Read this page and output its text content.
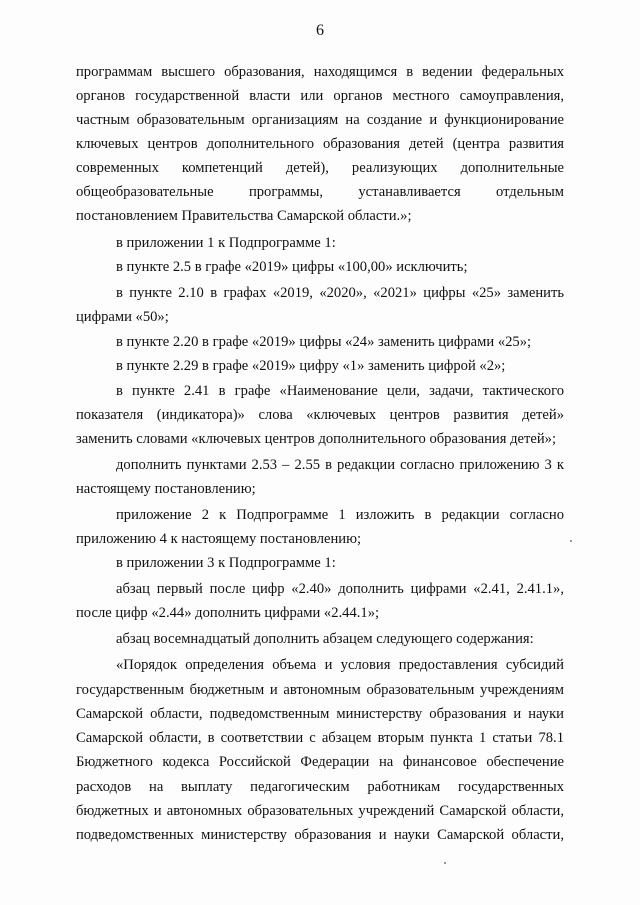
6
программам высшего образования, находящимся в ведении федеральных
органов государственной власти или органов местного самоуправления,
частным образовательным организациям на создание и функционирование
ключевых центров дополнительного образования детей (центра развития
современных компетенций детей), реализующих дополнительные
общеобразовательные программы, устанавливается отдельным
постановлением Правительства Самарской области.»;
в приложении 1 к Подпрограмме 1:
в пункте 2.5 в графе «2019» цифры «100,00» исключить;
в пункте 2.10 в графах «2019, «2020», «2021» цифры «25» заменить
цифрами «50»;
в пункте 2.20 в графе «2019» цифры «24» заменить цифрами «25»;
в пункте 2.29 в графе «2019» цифру «1» заменить цифрой «2»;
в пункте 2.41 в графе «Наименование цели, задачи, тактического
показателя (индикатора)» слова «ключевых центров развития детей»
заменить словами «ключевых центров дополнительного образования детей»;
дополнить пунктами 2.53 – 2.55 в редакции согласно приложению 3 к
настоящему постановлению;
приложение 2 к Подпрограмме 1 изложить в редакции согласно
приложению 4 к настоящему постановлению;
в приложении 3 к Подпрограмме 1:
абзац первый после цифр «2.40» дополнить цифрами «2.41, 2.41.1»,
после цифр «2.44» дополнить цифрами «2.44.1»;
абзац восемнадцатый дополнить абзацем следующего содержания:
«Порядок определения объема и условия предоставления субсидий
государственным бюджетным и автономным образовательным учреждениям
Самарской области, подведомственным министерству образования и науки
Самарской области, в соответствии с абзацем вторым пункта 1 статьи 78.1
Бюджетного кодекса Российской Федерации на финансовое обеспечение
расходов на выплату педагогическим работникам государственных
бюджетных и автономных образовательных учреждений Самарской области,
подведомственных министерству образования и науки Самарской области,
